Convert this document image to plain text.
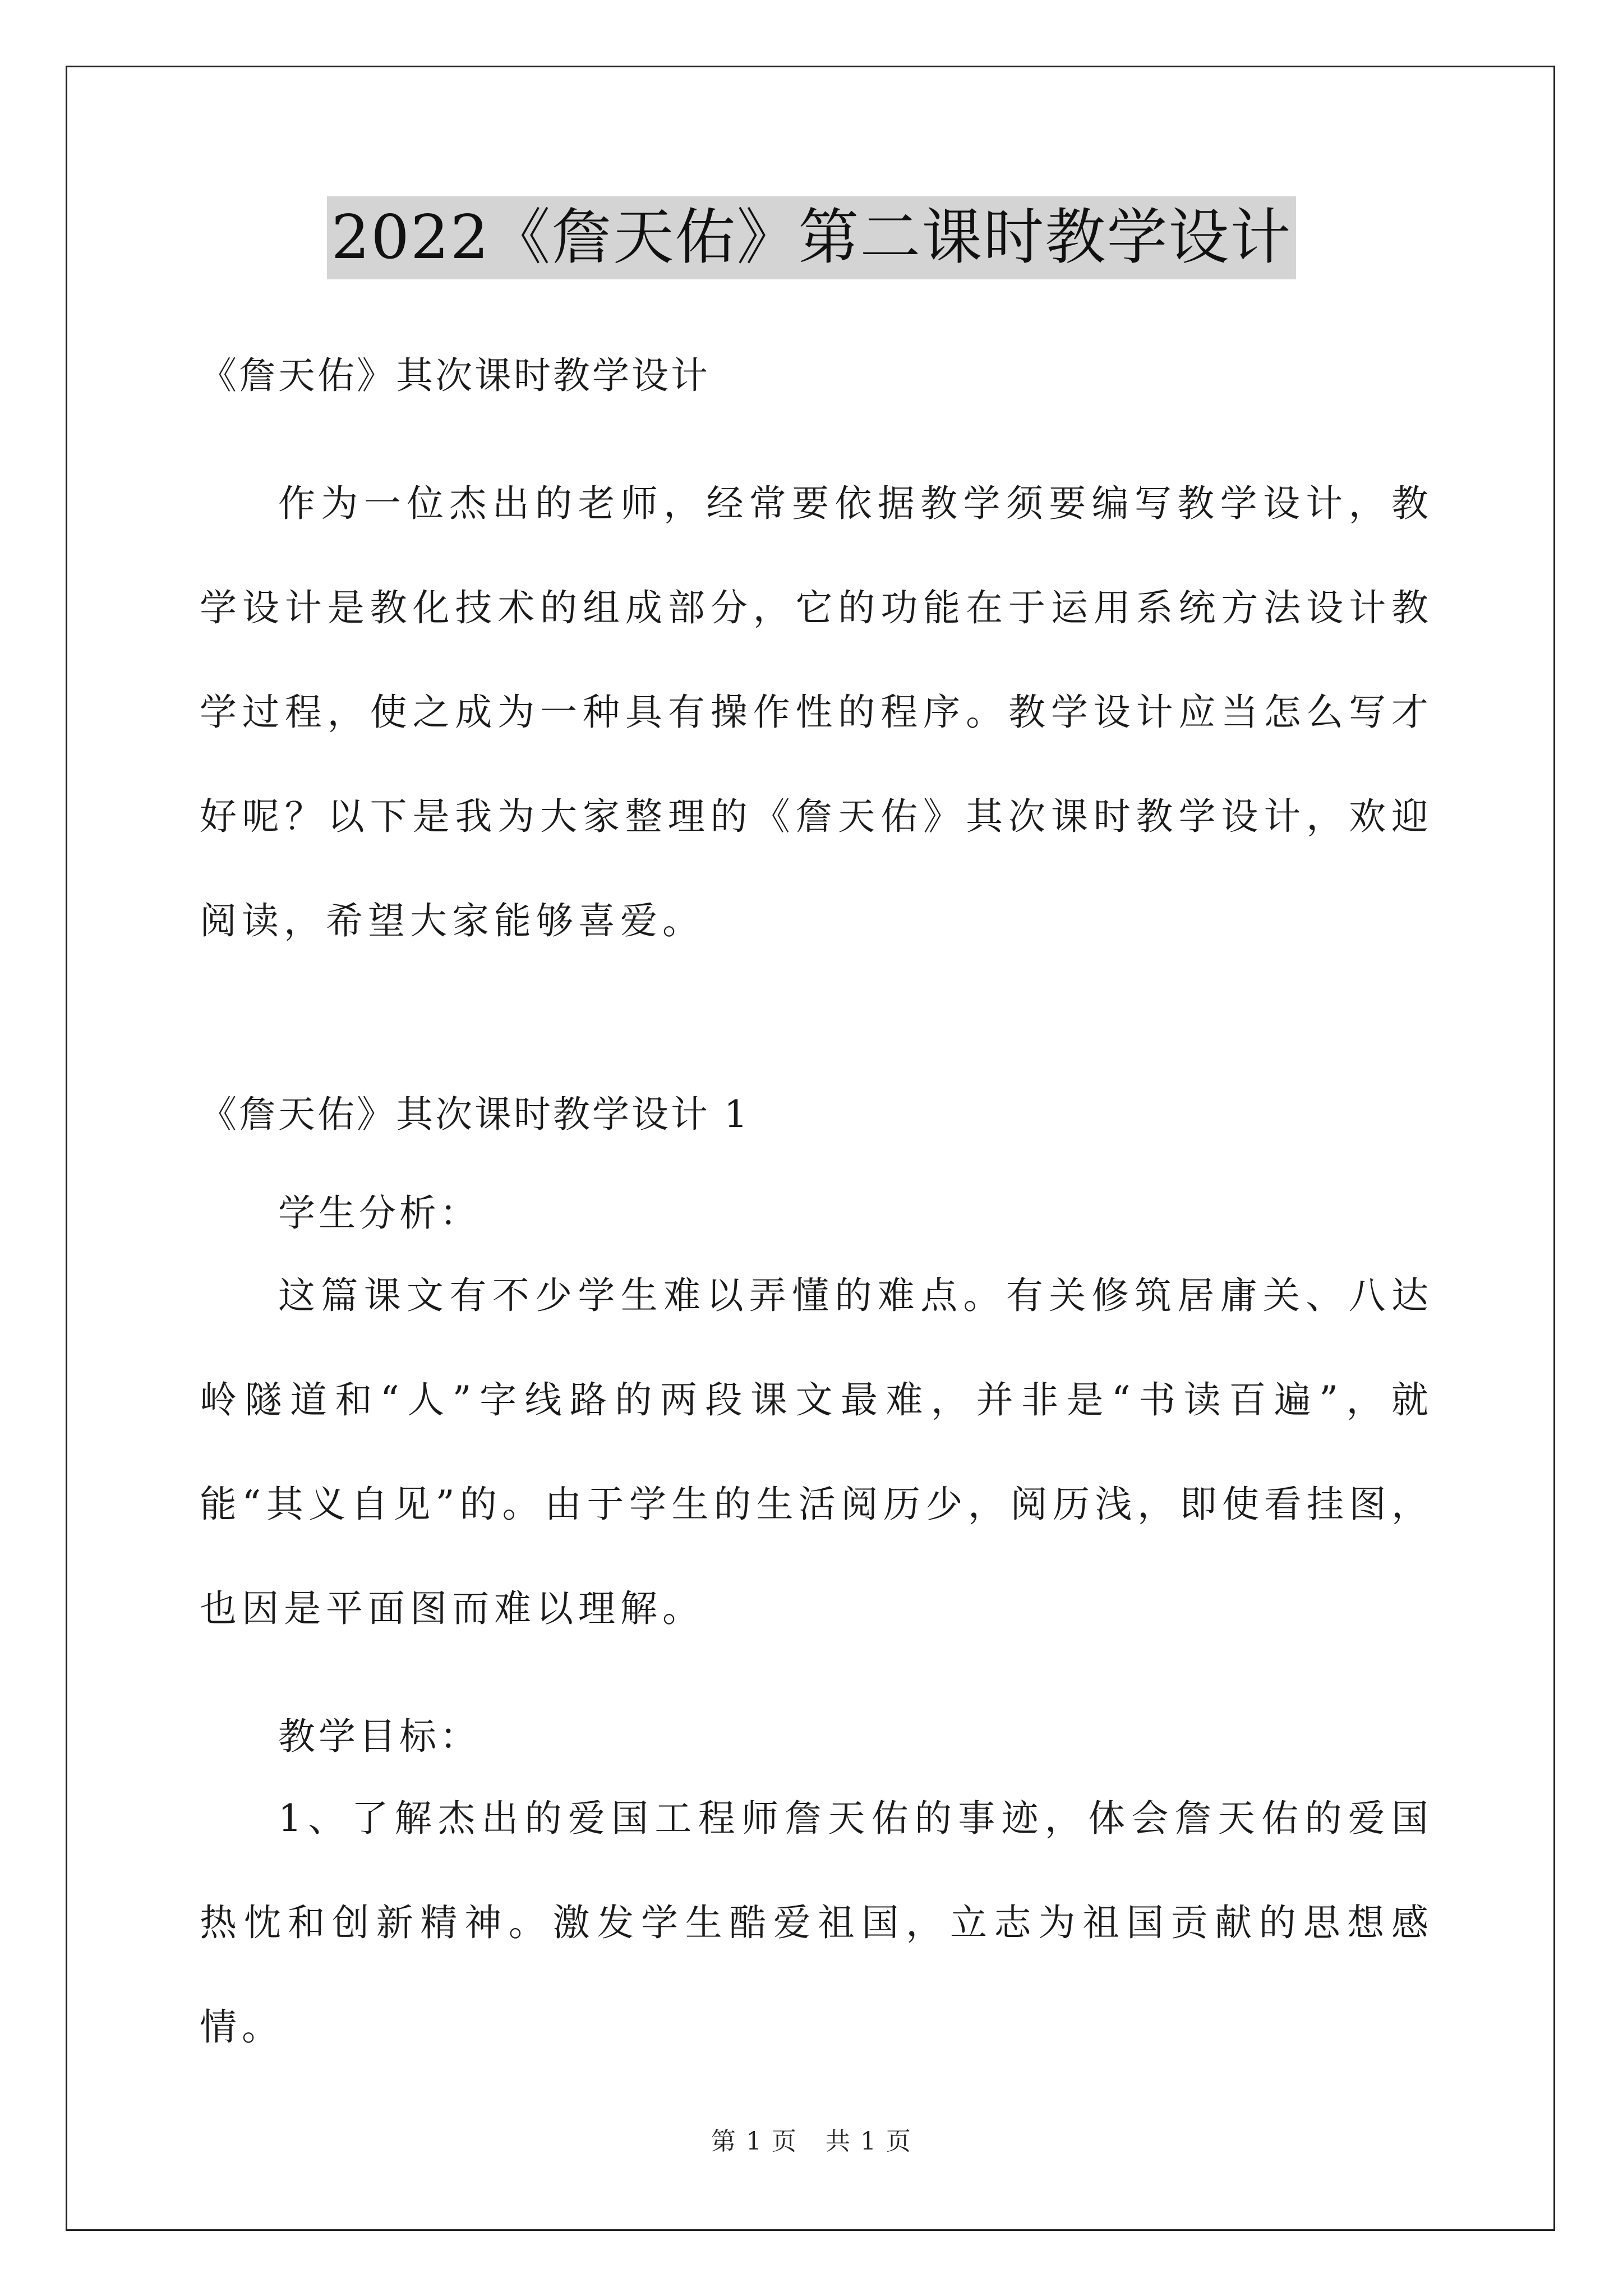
2022《詹天佑》第二课时教学设计
《詹天佑》其次课时教学设计
作为一位杰出的老师，经常要依据教学须要编写教学设计，教学设计是教化技术的组成部分，它的功能在于运用系统方法设计教学过程，使之成为一种具有操作性的程序。教学设计应当怎么写才好呢？以下是我为大家整理的《詹天佑》其次课时教学设计，欢迎阅读，希望大家能够喜爱。
《詹天佑》其次课时教学设计 1
学生分析：
这篇课文有不少学生难以弄懂的难点。有关修筑居庸关、八达岭隧道和“人”字线路的两段课文最难，并非是“书读百遍”，就能“其义自见”的。由于学生的生活阅历少，阅历浅，即使看挂图，也因是平面图而难以理解。
教学目标：
1、了解杰出的爱国工程师詹天佑的事迹，体会詹天佑的爱国热忱和创新精神。激发学生酷爱祖国，立志为祖国贡献的思想感情。
第 1 页 共 1 页
